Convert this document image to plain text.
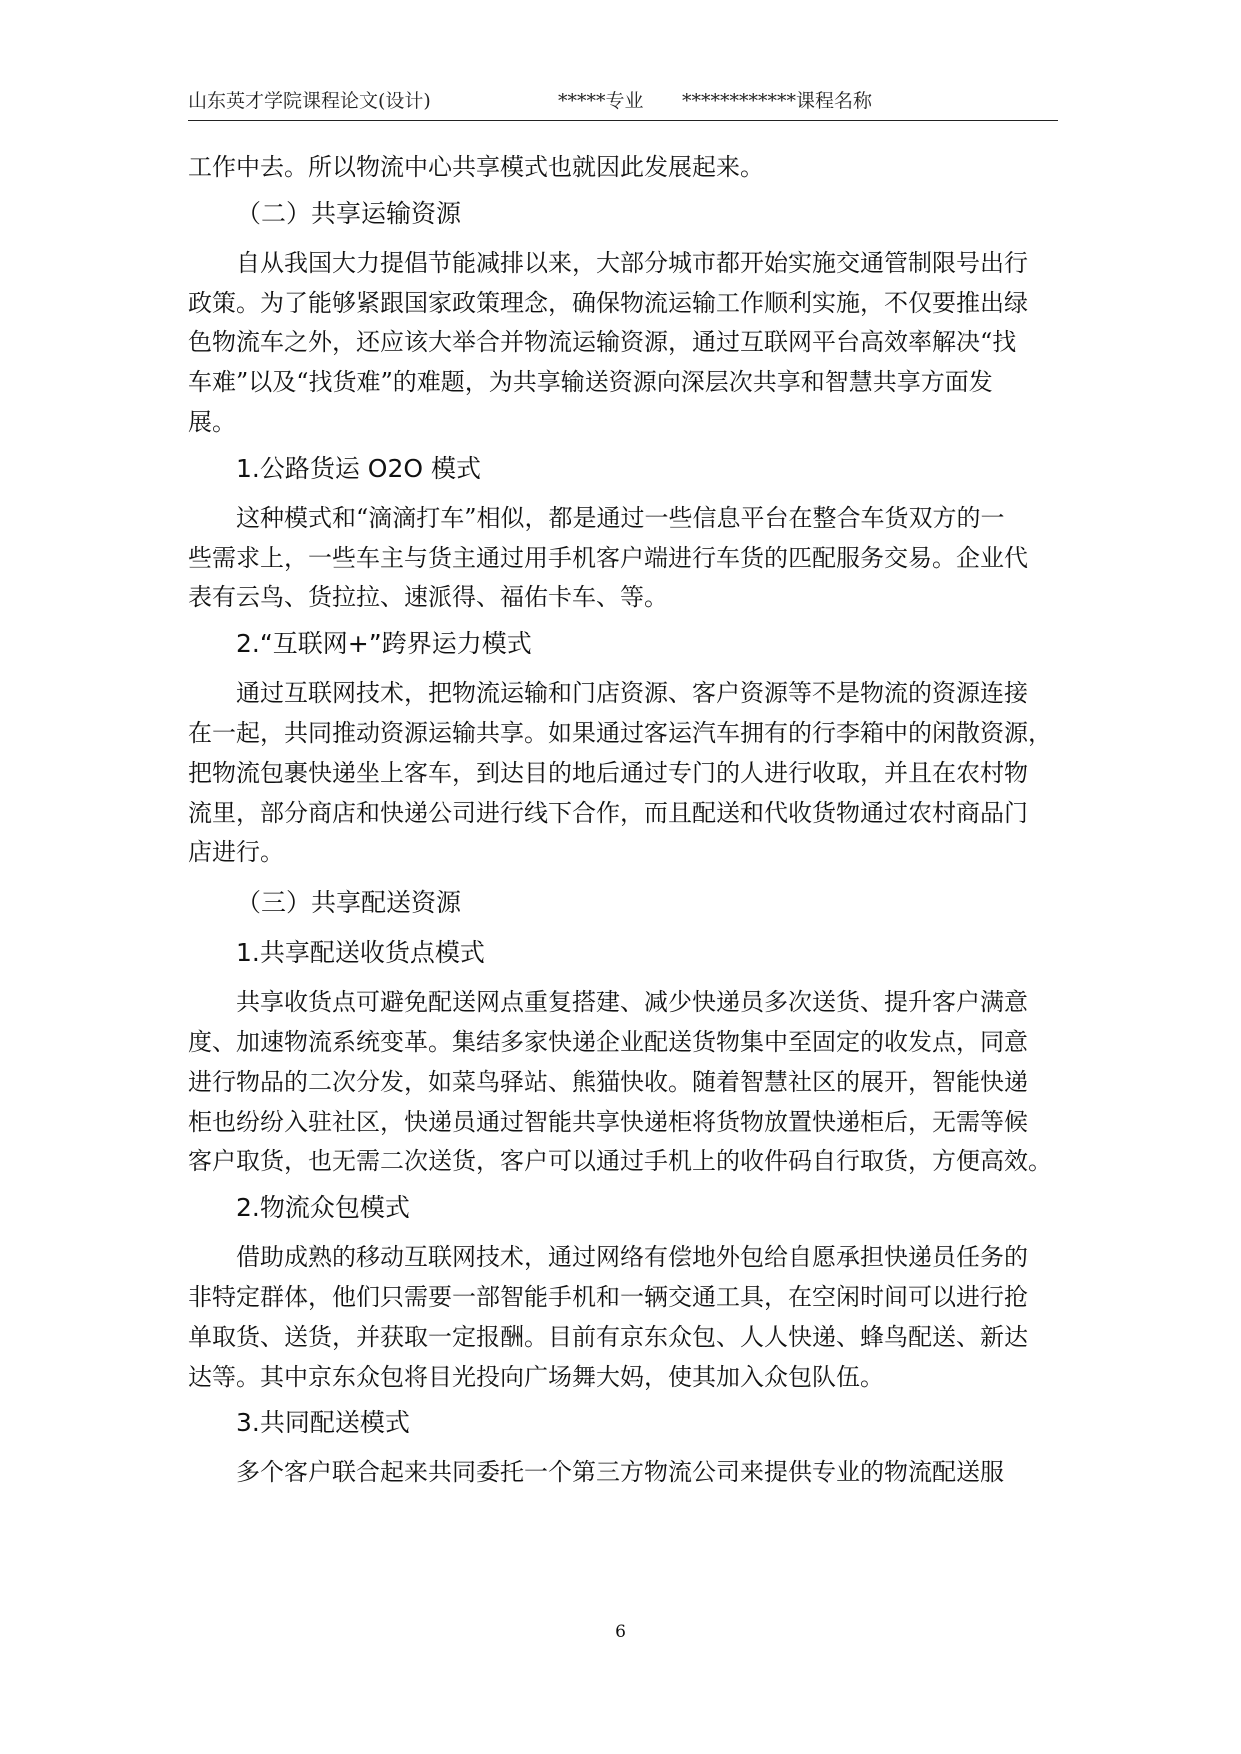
山东英才学院课程论文(设计)	*****专业 ************课程名称
工作中去。所以物流中心共享模式也就因此发展起来。
（二）共享运输资源
自从我国大力提倡节能减排以来，大部分城市都开始实施交通管制限号出行
政策。为了能够紧跟国家政策理念，确保物流运输工作顺利实施，不仅要推出绿
色物流车之外，还应该大举合并物流运输资源，通过互联网平台高效率解决“找
车难”以及“找货难”的难题，为共享输送资源向深层次共享和智慧共享方面发
展。
1.公路货运 O2O 模式
这种模式和“滴滴打车”相似，都是通过一些信息平台在整合车货双方的一
些需求上，一些车主与货主通过用手机客户端进行车货的匹配服务交易。企业代
表有云鸟、货拉拉、速派得、福佑卡车、等。
2.“互联网+”跨界运力模式
通过互联网技术，把物流运输和门店资源、客户资源等不是物流的资源连接
在一起，共同推动资源运输共享。如果通过客运汽车拥有的行李箱中的闲散资源，
把物流包裹快递坐上客车，到达目的地后通过专门的人进行收取，并且在农村物
流里，部分商店和快递公司进行线下合作，而且配送和代收货物通过农村商品门
店进行。
（三）共享配送资源
1.共享配送收货点模式
共享收货点可避免配送网点重复搭建、减少快递员多次送货、提升客户满意
度、加速物流系统变革。集结多家快递企业配送货物集中至固定的收发点，同意
进行物品的二次分发，如菜鸟驿站、熊猫快收。随着智慧社区的展开，智能快递
柜也纷纷入驻社区，快递员通过智能共享快递柜将货物放置快递柜后，无需等候
客户取货，也无需二次送货，客户可以通过手机上的收件码自行取货，方便高效。
2.物流众包模式
借助成熟的移动互联网技术，通过网络有偿地外包给自愿承担快递员任务的
非特定群体，他们只需要一部智能手机和一辆交通工具，在空闲时间可以进行抢
单取货、送货，并获取一定报酬。目前有京东众包、人人快递、蜂鸟配送、新达
达等。其中京东众包将目光投向广场舞大妈，使其加入众包队伍。
3.共同配送模式
多个客户联合起来共同委托一个第三方物流公司来提供专业的物流配送服
6
